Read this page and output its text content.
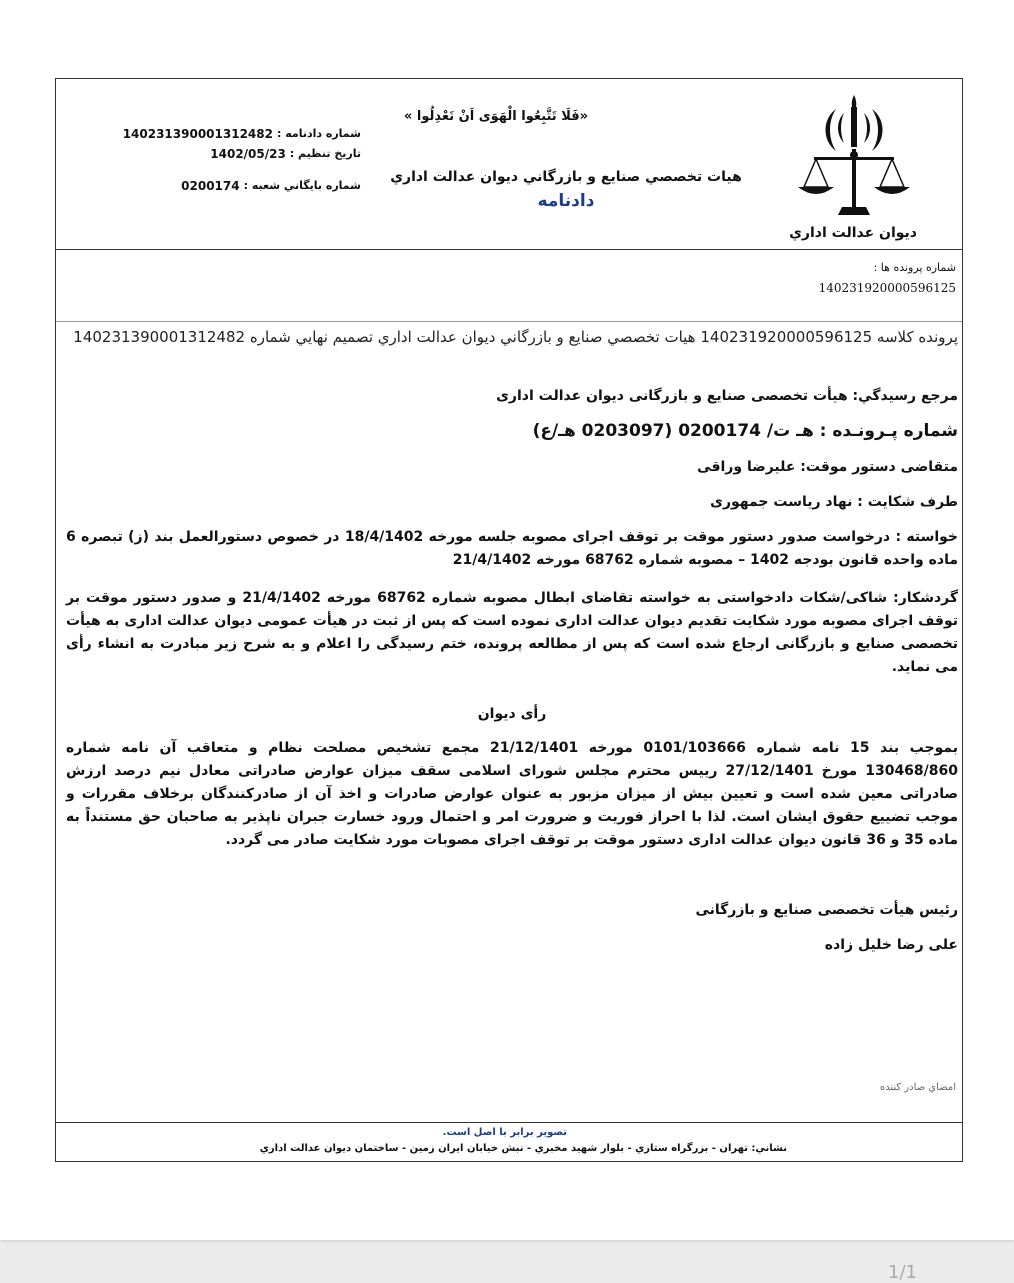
ديوان عدالت اداري
«فَلَا تَتَّبِعُوا الْهَوَى اَنْ تَعْدِلُوا »
هيات تخصصي صنايع و بازرگاني ديوان عدالت اداري
دادنامه
شماره دادنامه :
140231390001312482
تاريخ تنظيم :
1402/05/23
شماره بايگاني شعبه :
0200174
شماره پرونده ها :
140231920000596125
پرونده کلاسه 140231920000596125 هيات تخصصي صنايع و بازرگاني ديوان عدالت اداري تصميم نهايي شماره 140231390001312482
مرجع رسيدگي: هيأت تخصصی صنايع و بازرگانی ديوان عدالت اداری
شماره پـرونـده : هـ ت/ 0200174 (0203097 هـ/ع)
متقاضی دستور موقت: عليرضا وراقی
طرف شکايت : نهاد رياست جمهوری
خواسته : درخواست صدور دستور موقت بر توقف اجرای مصوبه جلسه مورخه 18/4/1402 در خصوص دستورالعمل بند (ز) تبصره 6 ماده واحده قانون بودجه 1402 – مصوبه شماره 68762 مورخه 21/4/1402
گردشکار: شاکی/شکات دادخواستی به خواسته تقاضای ابطال مصوبه شماره 68762 مورخه 21/4/1402 و صدور دستور موقت بر توقف اجرای مصوبه مورد شکايت تقديم ديوان عدالت اداری نموده است که پس از ثبت در هيأت عمومی ديوان عدالت اداری به هيأت تخصصی صنايع و بازرگانی ارجاع شده است که پس از مطالعه پرونده، ختم رسيدگی را اعلام و به شرح زير مبادرت به انشاء رأی می نمايد.
رأی ديوان
بموجب بند 15 نامه شماره 0101/103666 مورخه 21/12/1401 مجمع تشخيص مصلحت نظام و متعاقب آن نامه شماره 130468/860 مورخ 27/12/1401 رييس محترم مجلس شورای اسلامی سقف ميزان عوارض صادراتی معادل نيم درصد ارزش صادراتی معين شده است و تعيين بيش از ميزان مزبور به عنوان عوارض صادرات و اخذ آن از صادرکنندگان برخلاف مقررات و موجب تضييع حقوق ايشان است. لذا با احراز فوريت و ضرورت امر و احتمال ورود خسارت جبران ناپذير به صاحبان حق مستنداً به ماده 35 و 36 قانون ديوان عدالت اداری دستور موقت بر توقف اجرای مصوبات مورد شکايت صادر می گردد.
رئيس هيأت تخصصی صنايع و بازرگانی
علی رضا خليل زاده
امضاي صادر کننده
تصوير برابر با اصل است.
نشاني: تهران - بزرگراه ستاري - بلوار شهيد مخبري - نبش خيابان ايران زمين - ساختمان ديوان عدالت اداري
1/1
